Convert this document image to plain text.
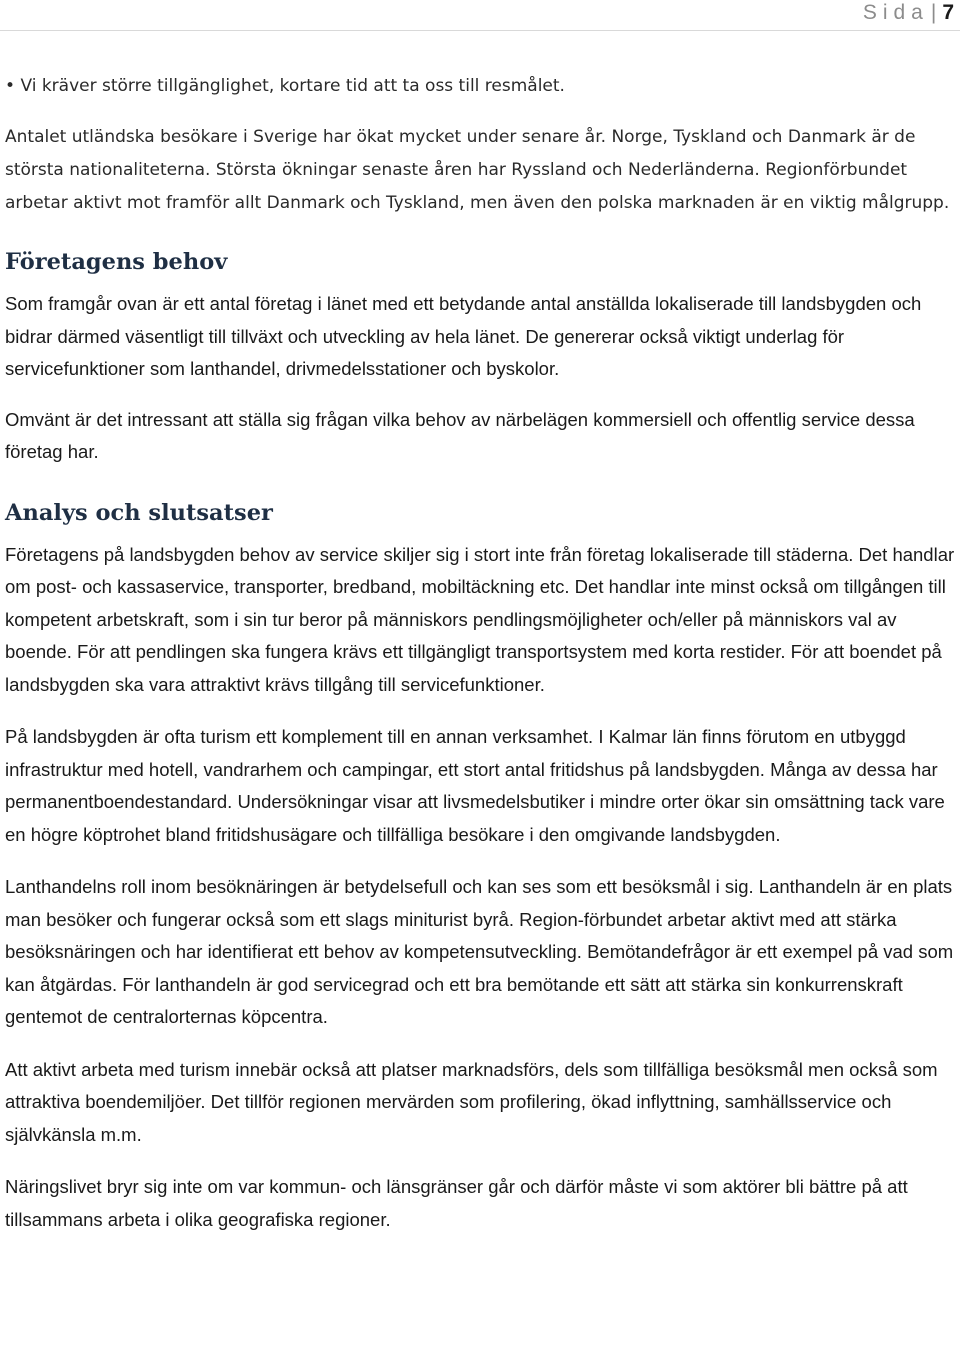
Sida| 7

• Vi kräver större tillgänglighet, kortare tid att ta oss till resmålet.

Antalet utländska besökare i Sverige har ökat mycket under senare år. Norge, Tyskland och Danmark är de största nationaliteterna. Största ökningar senaste åren har Ryssland och Nederländerna. Regionförbundet arbetar aktivt mot framför allt Danmark och Tyskland, men även den polska marknaden är en viktig målgrupp.

Företagens behov

Som framgår ovan är ett antal företag i länet med ett betydande antal anställda lokaliserade till landsbygden och bidrar därmed väsentligt till tillväxt och utveckling av hela länet. De genererar också viktigt underlag för servicefunktioner som lanthandel, drivmedelsstationer och byskolor.

Omvänt är det intressant att ställa sig frågan vilka behov av närbelägen kommersiell och offentlig service dessa företag har.

Analys och slutsatser

Företagens på landsbygden behov av service skiljer sig i stort inte från företag lokaliserade till städerna. Det handlar om post- och kassaservice, transporter, bredband, mobiltäckning etc. Det handlar inte minst också om tillgången till kompetent arbetskraft, som i sin tur beror på människors pendlingsmöjligheter och/eller på människors val av boende. För att pendlingen ska fungera krävs ett tillgängligt transportsystem med korta restider. För att boendet på landsbygden ska vara attraktivt krävs tillgång till servicefunktioner.

På landsbygden är ofta turism ett komplement till en annan verksamhet. I Kalmar län finns förutom en utbyggd infrastruktur med hotell, vandrarhem och campingar, ett stort antal fritidshus på landsbygden. Många av dessa har permanentboendestandard. Undersökningar visar att livsmedelsbutiker i mindre orter ökar sin omsättning tack vare en högre köptrohet bland fritidshusägare och tillfälliga besökare i den omgivande landsbygden.

Lanthandelns roll inom besöknäringen är betydelsefull och kan ses som ett besöksmål i sig. Lanthandeln är en plats man besöker och fungerar också som ett slags miniturist byrå. Region-förbundet arbetar aktivt med att stärka besöksnäringen och har identifierat ett behov av kompetensutveckling. Bemötandefrågor är ett exempel på vad som kan åtgärdas. För lanthandeln är god servicegrad och ett bra bemötande ett sätt att stärka sin konkurrenskraft gentemot de centralorternas köpcentra.

Att aktivt arbeta med turism innebär också att platser marknadsförs, dels som tillfälliga besöksmål men också som attraktiva boendemiljöer. Det tillför regionen mervärden som profilering, ökad inflyttning, samhällsservice och självkänsla m.m.

Näringslivet bryr sig inte om var kommun- och länsgränser går och därför måste vi som aktörer bli bättre på att tillsammans arbeta i olika geografiska regioner.
